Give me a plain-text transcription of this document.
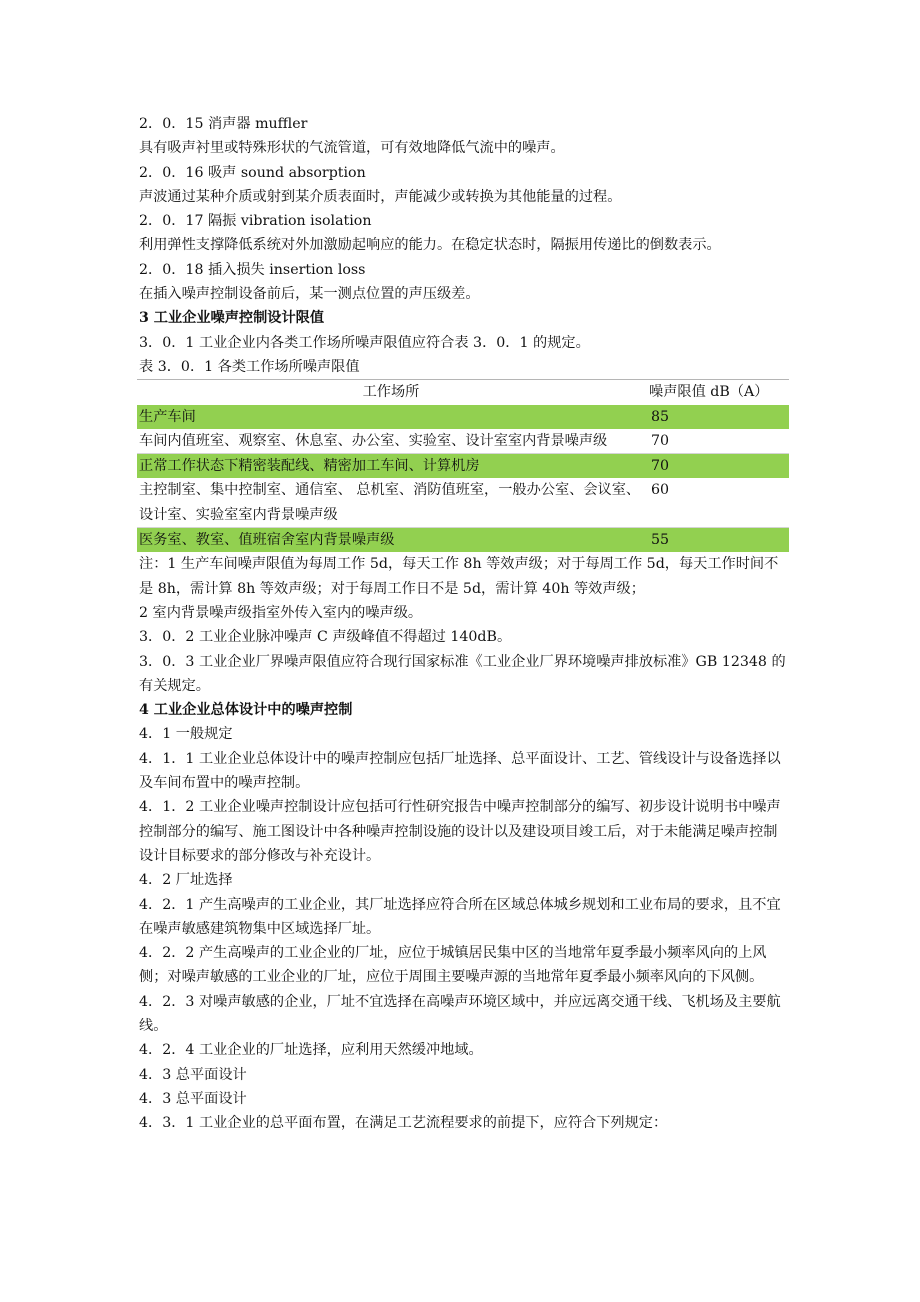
2．0．15 消声器 muffler
具有吸声衬里或特殊形状的气流管道，可有效地降低气流中的噪声。
2．0．16 吸声 sound absorption
声波通过某种介质或射到某介质表面时，声能减少或转换为其他能量的过程。
2．0．17 隔振 vibration isolation
利用弹性支撑降低系统对外加激励起响应的能力。在稳定状态时，隔振用传递比的倒数表示。
2．0．18 插入损失 insertion loss
在插入噪声控制设备前后，某一测点位置的声压级差。
3 工业企业噪声控制设计限值
3．0．1 工业企业内各类工作场所噪声限值应符合表 3．0．1 的规定。
表 3．0．1 各类工作场所噪声限值
工作场所	噪声限值 dB（A）
生产车间	85
车间内值班室、观察室、休息室、办公室、实验室、设计室室内背景噪声级	70
正常工作状态下精密装配线、精密加工车间、计算机房	70
主控制室、集中控制室、通信室、 总机室、消防值班室，一般办公室、会议室、设计室、实验室室内背景噪声级	60
医务室、教室、值班宿舍室内背景噪声级	55
注：1 生产车间噪声限值为每周工作 5d，每天工作 8h 等效声级；对于每周工作 5d，每天工作时间不是 8h，需计算 8h 等效声级；对于每周工作日不是 5d，需计算 40h 等效声级；
2 室内背景噪声级指室外传入室内的噪声级。
3．0．2 工业企业脉冲噪声 C 声级峰值不得超过 140dB。
3．0．3 工业企业厂界噪声限值应符合现行国家标准《工业企业厂界环境噪声排放标准》GB 12348 的有关规定。
4 工业企业总体设计中的噪声控制
4．1 一般规定
4．1．1 工业企业总体设计中的噪声控制应包括厂址选择、总平面设计、工艺、管线设计与设备选择以及车间布置中的噪声控制。
4．1．2 工业企业噪声控制设计应包括可行性研究报告中噪声控制部分的编写、初步设计说明书中噪声控制部分的编写、施工图设计中各种噪声控制设施的设计以及建设项目竣工后，对于未能满足噪声控制设计目标要求的部分修改与补充设计。
4．2 厂址选择
4．2．1 产生高噪声的工业企业，其厂址选择应符合所在区域总体城乡规划和工业布局的要求，且不宜在噪声敏感建筑物集中区域选择厂址。
4．2．2 产生高噪声的工业企业的厂址，应位于城镇居民集中区的当地常年夏季最小频率风向的上风侧；对噪声敏感的工业企业的厂址，应位于周围主要噪声源的当地常年夏季最小频率风向的下风侧。
4．2．3 对噪声敏感的企业，厂址不宜选择在高噪声环境区域中，并应远离交通干线、飞机场及主要航线。
4．2．4 工业企业的厂址选择，应利用天然缓冲地域。
4．3 总平面设计
4．3 总平面设计
4．3．1 工业企业的总平面布置，在满足工艺流程要求的前提下，应符合下列规定：
